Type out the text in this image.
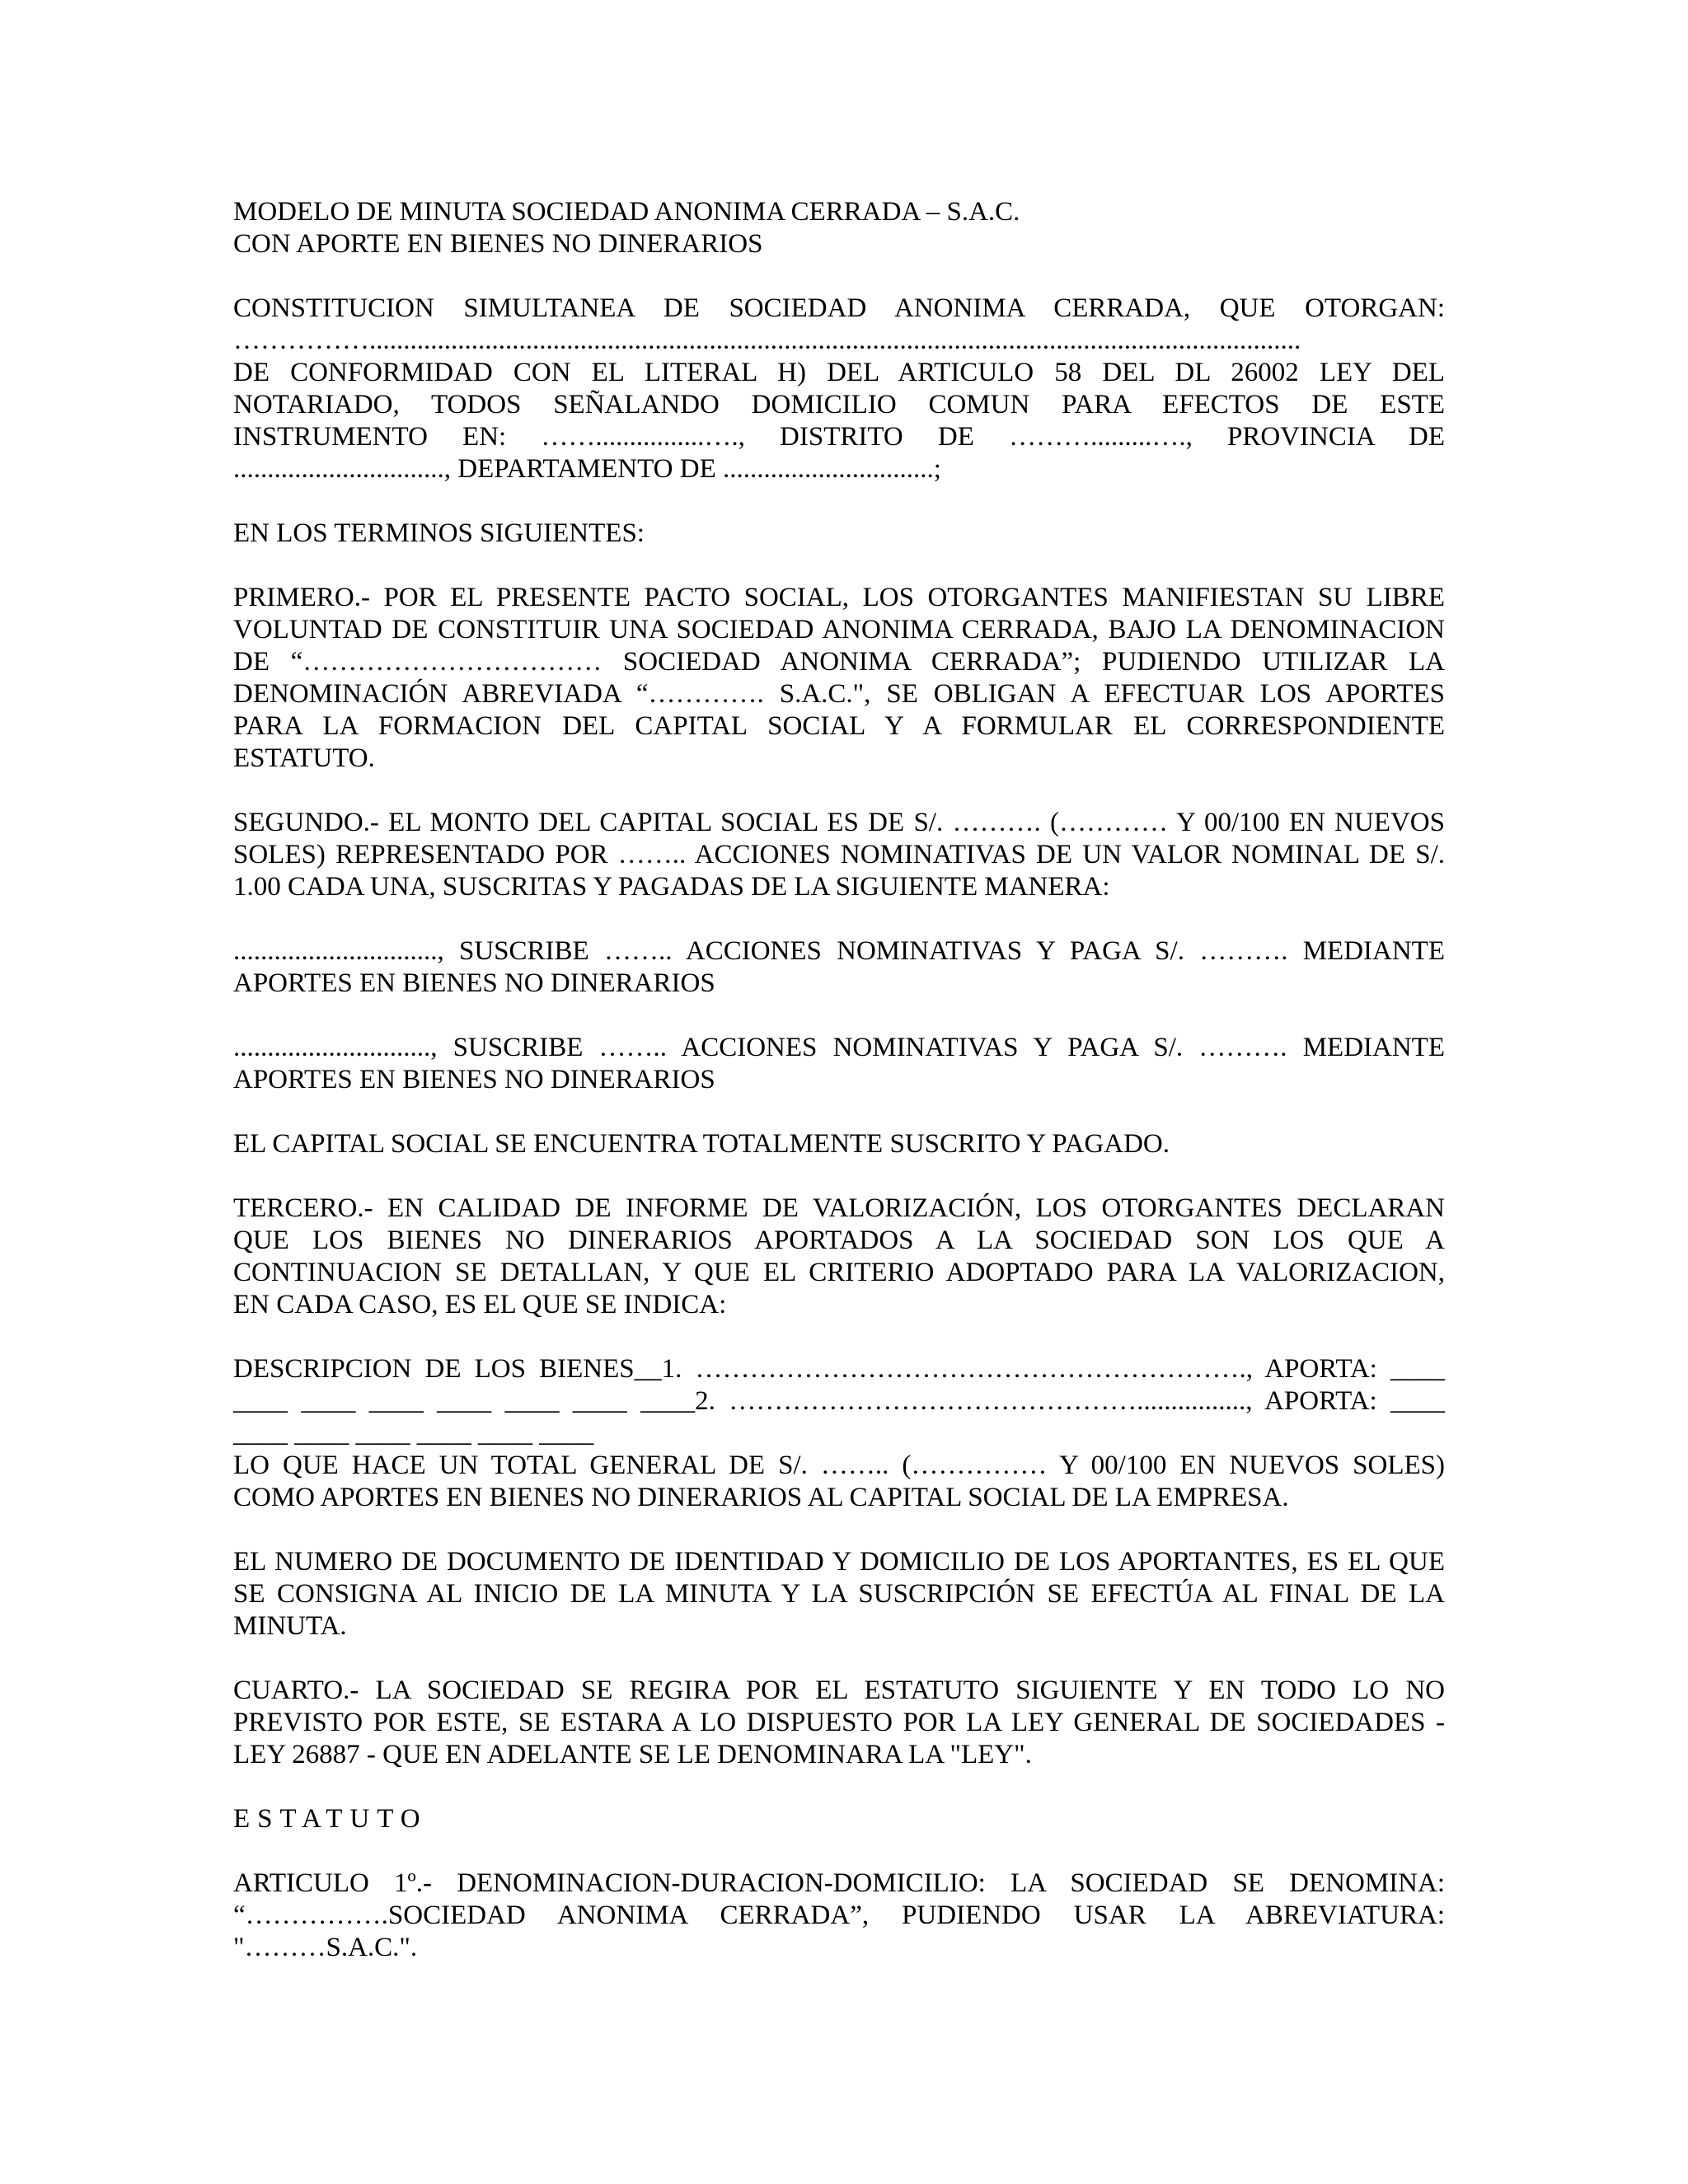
MODELO DE MINUTA SOCIEDAD ANONIMA CERRADA – S.A.C.
CON APORTE EN BIENES NO DINERARIOS
CONSTITUCION SIMULTANEA DE SOCIEDAD ANONIMA CERRADA, QUE OTORGAN:
…………….........................................................................................................................................
DE CONFORMIDAD CON EL LITERAL H) DEL ARTICULO 58 DEL DL 26002 LEY DEL
NOTARIADO, TODOS SEÑALANDO DOMICILIO COMUN PARA EFECTOS DE ESTE
INSTRUMENTO EN: ……................…., DISTRITO DE ……….........…., PROVINCIA DE
..............................., DEPARTAMENTO DE ...............................;
EN LOS TERMINOS SIGUIENTES:
PRIMERO.- POR EL PRESENTE PACTO SOCIAL, LOS OTORGANTES MANIFIESTAN SU LIBRE
VOLUNTAD DE CONSTITUIR UNA SOCIEDAD ANONIMA CERRADA, BAJO LA DENOMINACION
DE “…………………………… SOCIEDAD ANONIMA CERRADA”; PUDIENDO UTILIZAR LA
DENOMINACIÓN ABREVIADA “…………. S.A.C.", SE OBLIGAN A EFECTUAR LOS APORTES
PARA LA FORMACION DEL CAPITAL SOCIAL Y A FORMULAR EL CORRESPONDIENTE
ESTATUTO.
SEGUNDO.- EL MONTO DEL CAPITAL SOCIAL ES DE S/. ………. (………… Y 00/100 EN NUEVOS
SOLES) REPRESENTADO POR …….. ACCIONES NOMINATIVAS DE UN VALOR NOMINAL DE S/.
1.00 CADA UNA, SUSCRITAS Y PAGADAS DE LA SIGUIENTE MANERA:
.............................., SUSCRIBE …….. ACCIONES NOMINATIVAS Y PAGA S/. ………. MEDIANTE
APORTES EN BIENES NO DINERARIOS
............................., SUSCRIBE …….. ACCIONES NOMINATIVAS Y PAGA S/. ………. MEDIANTE
APORTES EN BIENES NO DINERARIOS
EL CAPITAL SOCIAL SE ENCUENTRA TOTALMENTE SUSCRITO Y PAGADO.
TERCERO.- EN CALIDAD DE INFORME DE VALORIZACIÓN, LOS OTORGANTES DECLARAN
QUE LOS BIENES NO DINERARIOS APORTADOS A LA SOCIEDAD SON LOS QUE A
CONTINUACION SE DETALLAN, Y QUE EL CRITERIO ADOPTADO PARA LA VALORIZACION,
EN CADA CASO, ES EL QUE SE INDICA:
DESCRIPCION DE LOS BIENES__1. ……………………………………………………., APORTA: ____
____ ____ ____ ____ ____ ____ ____2. ………………………………………................, APORTA: ____
____ ____ ____ ____ ____ ____
LO QUE HACE UN TOTAL GENERAL DE S/. …….. (…………… Y 00/100 EN NUEVOS SOLES)
COMO APORTES EN BIENES NO DINERARIOS AL CAPITAL SOCIAL DE LA EMPRESA.
EL NUMERO DE DOCUMENTO DE IDENTIDAD Y DOMICILIO DE LOS APORTANTES, ES EL QUE
SE CONSIGNA AL INICIO DE LA MINUTA Y LA SUSCRIPCIÓN SE EFECTÚA AL FINAL DE LA
MINUTA.
CUARTO.- LA SOCIEDAD SE REGIRA POR EL ESTATUTO SIGUIENTE Y EN TODO LO NO
PREVISTO POR ESTE, SE ESTARA A LO DISPUESTO POR LA LEY GENERAL DE SOCIEDADES -
LEY 26887 - QUE EN ADELANTE SE LE DENOMINARA LA "LEY".
ESTATUTO
ARTICULO 1º.- DENOMINACION-DURACION-DOMICILIO: LA SOCIEDAD SE DENOMINA:
“…………….SOCIEDAD ANONIMA CERRADA”, PUDIENDO USAR LA ABREVIATURA:
"………S.A.C.".
